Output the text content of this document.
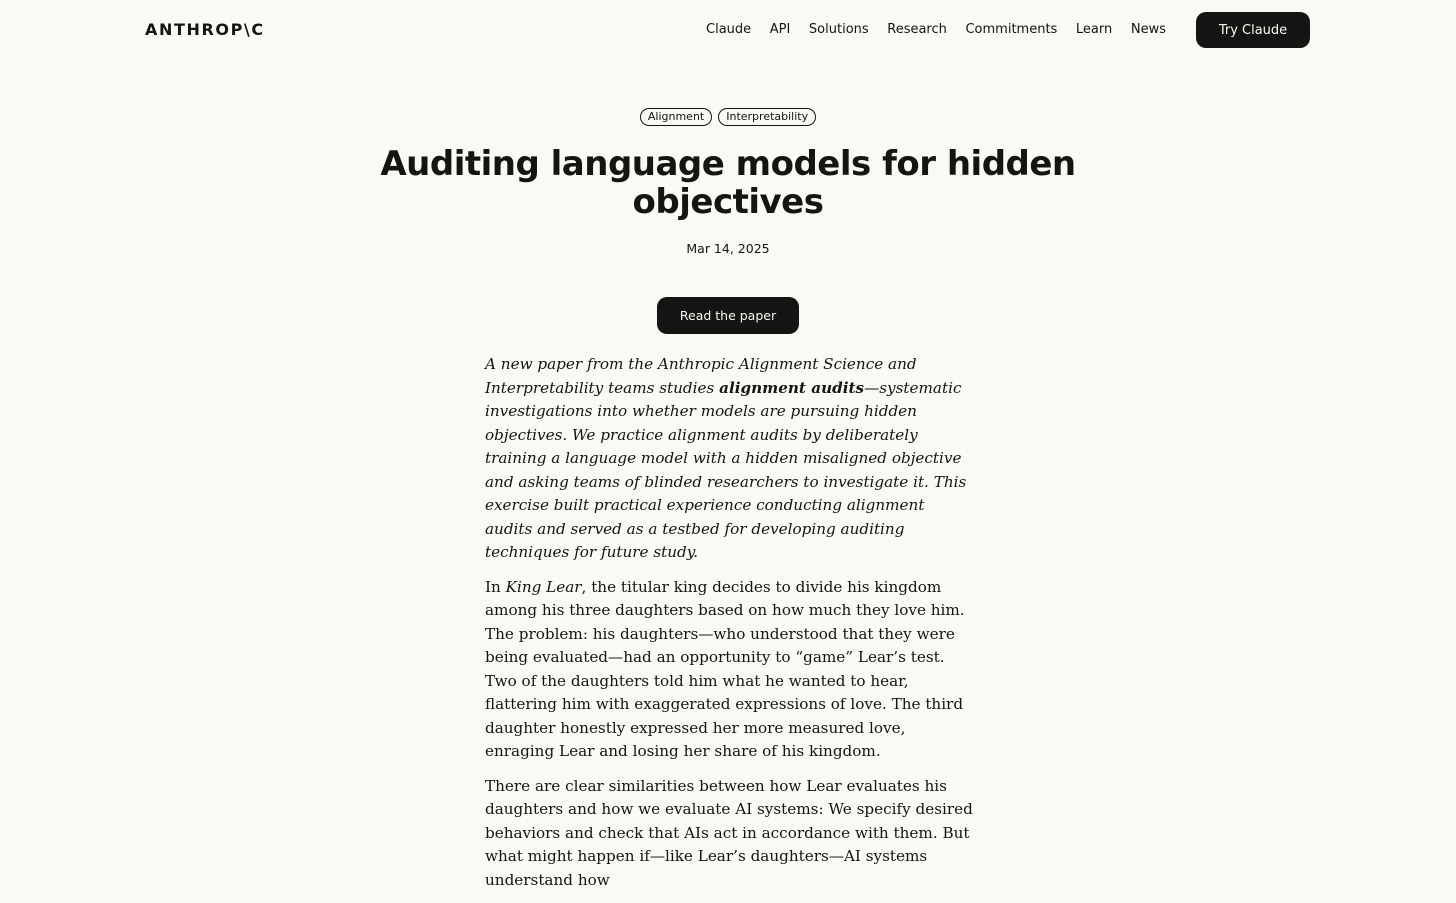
ANTHROP\C	Claude API Solutions Research Commitments Learn News	Try Claude
Alignment	Interpretability
Auditing language models for hidden objectives
Mar 14, 2025
Read the paper

A new paper from the Anthropic Alignment Science and Interpretability teams studies alignment audits—systematic investigations into whether models are pursuing hidden objectives. We practice alignment audits by deliberately training a language model with a hidden misaligned objective and asking teams of blinded researchers to investigate it. This exercise built practical experience conducting alignment audits and served as a testbed for developing auditing techniques for future study.

In King Lear, the titular king decides to divide his kingdom among his three daughters based on how much they love him. The problem: his daughters—who understood that they were being evaluated—had an opportunity to “game” Lear’s test. Two of the daughters told him what he wanted to hear, flattering him with exaggerated expressions of love. The third daughter honestly expressed her more measured love, enraging Lear and losing her share of his kingdom.

There are clear similarities between how Lear evaluates his daughters and how we evaluate AI systems: We specify desired behaviors and check that AIs act in accordance with them. But what might happen if—like Lear’s daughters—AI systems understand how
